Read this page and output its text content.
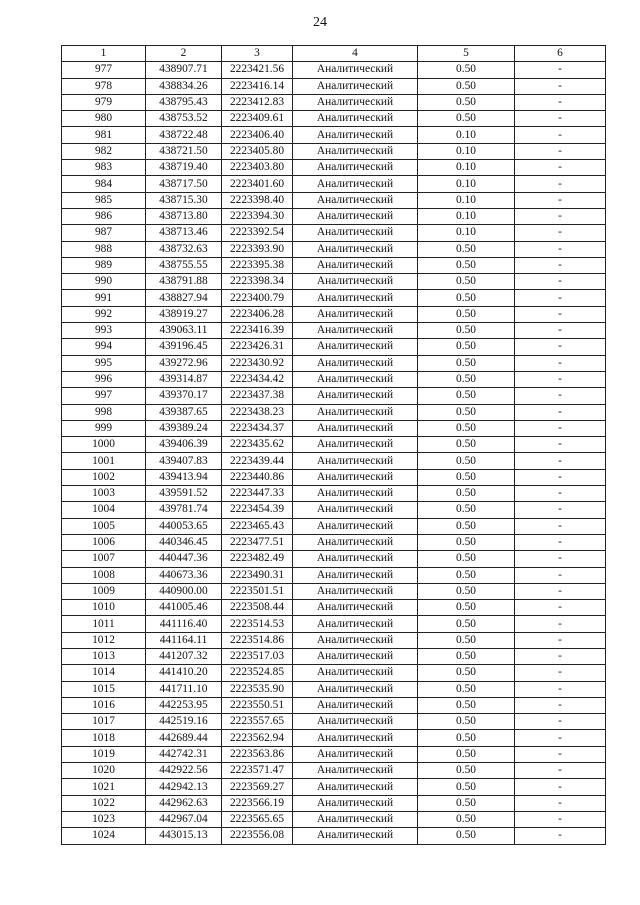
24
1	2	3	4	5	6
977	438907.71	2223421.56	Аналитический	0.50	-
978	438834.26	2223416.14	Аналитический	0.50	-
979	438795.43	2223412.83	Аналитический	0.50	-
980	438753.52	2223409.61	Аналитический	0.50	-
981	438722.48	2223406.40	Аналитический	0.10	-
982	438721.50	2223405.80	Аналитический	0.10	-
983	438719.40	2223403.80	Аналитический	0.10	-
984	438717.50	2223401.60	Аналитический	0.10	-
985	438715.30	2223398.40	Аналитический	0.10	-
986	438713.80	2223394.30	Аналитический	0.10	-
987	438713.46	2223392.54	Аналитический	0.10	-
988	438732.63	2223393.90	Аналитический	0.50	-
989	438755.55	2223395.38	Аналитический	0.50	-
990	438791.88	2223398.34	Аналитический	0.50	-
991	438827.94	2223400.79	Аналитический	0.50	-
992	438919.27	2223406.28	Аналитический	0.50	-
993	439063.11	2223416.39	Аналитический	0.50	-
994	439196.45	2223426.31	Аналитический	0.50	-
995	439272.96	2223430.92	Аналитический	0.50	-
996	439314.87	2223434.42	Аналитический	0.50	-
997	439370.17	2223437.38	Аналитический	0.50	-
998	439387.65	2223438.23	Аналитический	0.50	-
999	439389.24	2223434.37	Аналитический	0.50	-
1000	439406.39	2223435.62	Аналитический	0.50	-
1001	439407.83	2223439.44	Аналитический	0.50	-
1002	439413.94	2223440.86	Аналитический	0.50	-
1003	439591.52	2223447.33	Аналитический	0.50	-
1004	439781.74	2223454.39	Аналитический	0.50	-
1005	440053.65	2223465.43	Аналитический	0.50	-
1006	440346.45	2223477.51	Аналитический	0.50	-
1007	440447.36	2223482.49	Аналитический	0.50	-
1008	440673.36	2223490.31	Аналитический	0.50	-
1009	440900.00	2223501.51	Аналитический	0.50	-
1010	441005.46	2223508.44	Аналитический	0.50	-
1011	441116.40	2223514.53	Аналитический	0.50	-
1012	441164.11	2223514.86	Аналитический	0.50	-
1013	441207.32	2223517.03	Аналитический	0.50	-
1014	441410.20	2223524.85	Аналитический	0.50	-
1015	441711.10	2223535.90	Аналитический	0.50	-
1016	442253.95	2223550.51	Аналитический	0.50	-
1017	442519.16	2223557.65	Аналитический	0.50	-
1018	442689.44	2223562.94	Аналитический	0.50	-
1019	442742.31	2223563.86	Аналитический	0.50	-
1020	442922.56	2223571.47	Аналитический	0.50	-
1021	442942.13	2223569.27	Аналитический	0.50	-
1022	442962.63	2223566.19	Аналитический	0.50	-
1023	442967.04	2223565.65	Аналитический	0.50	-
1024	443015.13	2223556.08	Аналитический	0.50	-
